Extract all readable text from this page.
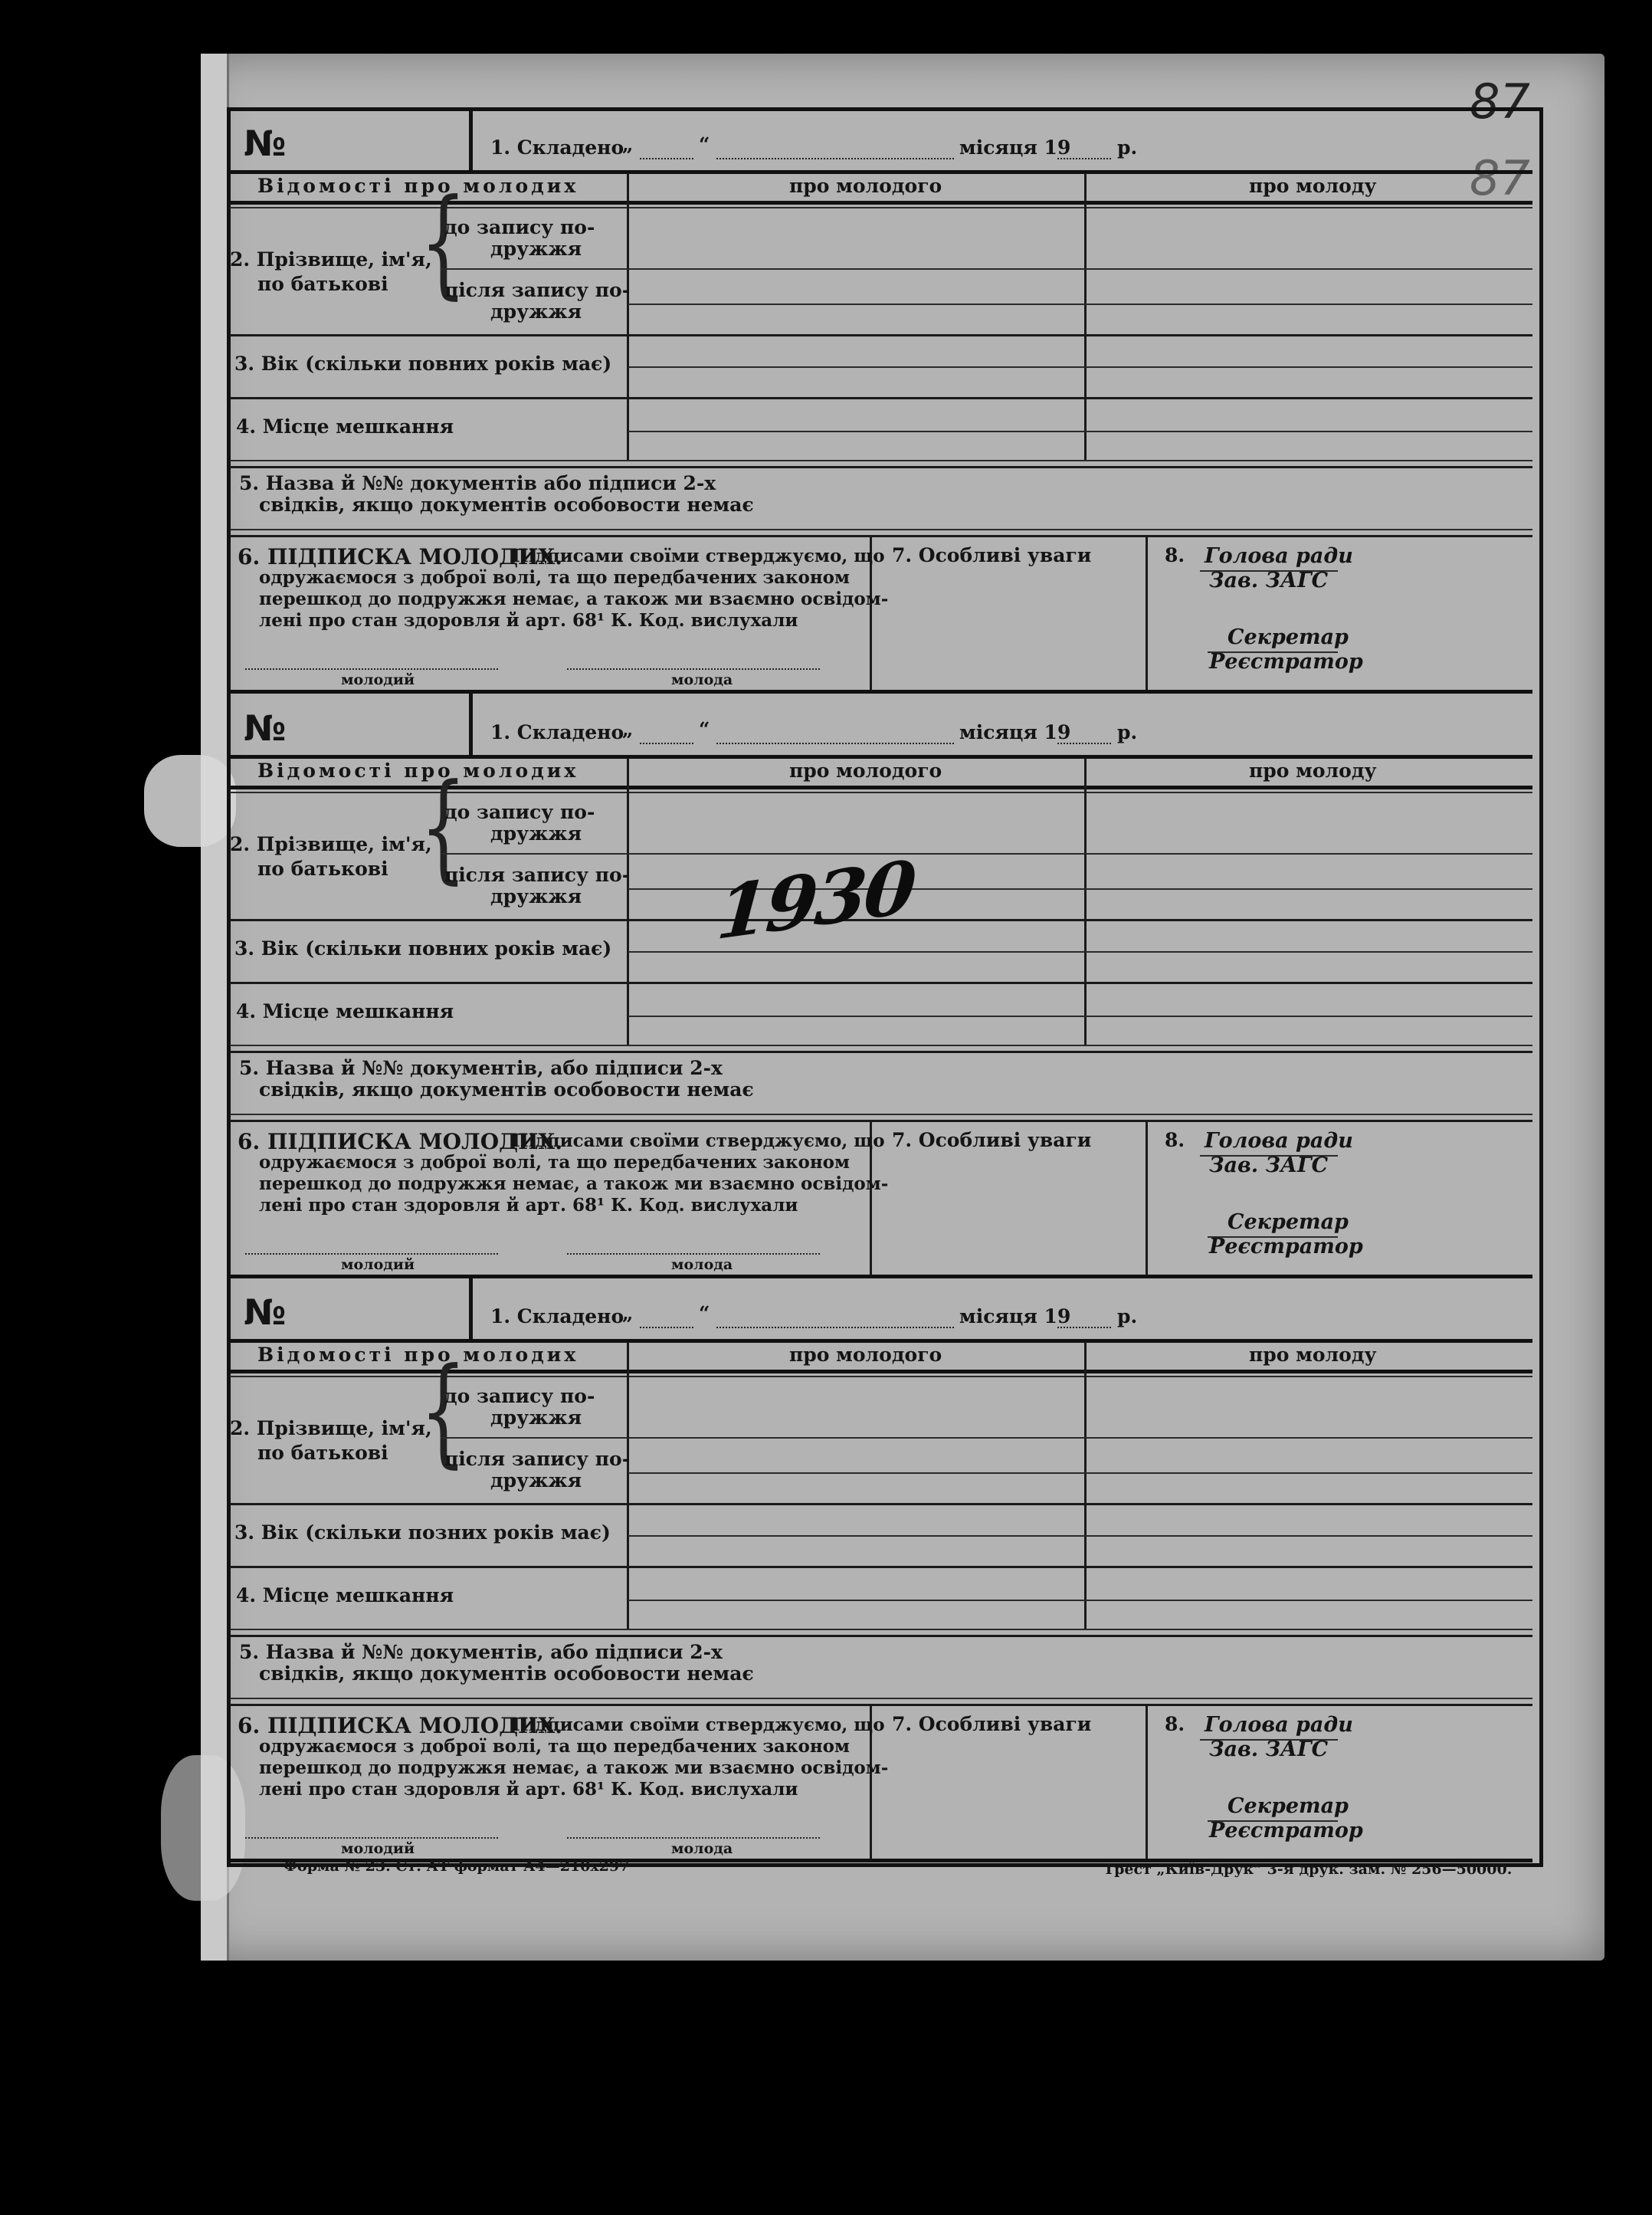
87
87
№	1. Складено
„	“	місяця 19 р.
Відомості про молодих	про молодого	про молоду
2. Прізвище, ім'я,
по батькові {
до запису по-
дружжя
після запису по-
дружжя
3. Вік (скільки повних років має)
4. Місце мешкання
5. Назва й №№ документів або підписи 2-х
свідків, якщо документів особовости немає
6. ПІДПИСКА МОЛОДИХ.
Підписами своїми стверджуємо, що
одружаємося з доброї волі, та що передбачених законом
перешкод до подружжя немає, а також ми взаємно освідом-
лені про стан здоровля й арт. 68¹ К. Код. вислухали
молодий	молода
7. Особливі уваги	8. Голова ради
Зав. ЗАГС
Секретар
Реєстратор
№	1. Складено
„	“	місяця 19 р.
Відомості про молодих	про молодого	про молоду
2. Прізвище, ім'я,
по батькові {
до запису по-
дружжя
після запису по-
дружжя
3. Вік (скільки повних років має)
4. Місце мешкання
5. Назва й №№ документів, або підписи 2-х
свідків, якщо документів особовости немає
6. ПІДПИСКА МОЛОДИХ.
Підписами своїми стверджуємо, що
одружаємося з доброї волі, та що передбачених законом
перешкод до подружжя немає, а також ми взаємно освідом-
лені про стан здоровля й арт. 68¹ К. Код. вислухали
молодий	молода
7. Особливі уваги	8. Голова ради
Зав. ЗАГС
Секретар
Реєстратор
№	1. Складено
„	“	місяця 19 р.
Відомості про молодих	про молодого	про молоду
2. Прізвище, ім'я,
по батькові {
до запису по-
дружжя
після запису по-
дружжя
3. Вік (скільки позних років має)
4. Місце мешкання
5. Назва й №№ документів, або підписи 2-х
свідків, якщо документів особовости немає
6. ПІДПИСКА МОЛОДИХ.
Підписами своїми стверджуємо, що
одружаємося з доброї волі, та що передбачених законом
перешкод до подружжя немає, а також ми взаємно освідом-
лені про стан здоровля й арт. 68¹ К. Код. вислухали
молодий	молода
7. Особливі уваги	8. Голова ради
Зав. ЗАГС
Секретар
Реєстратор
1930
Форма № 23. Ст. АТ формат А4—210х297	Трест „Київ-Друк“ 3-я друк. зам. № 256—50000.
